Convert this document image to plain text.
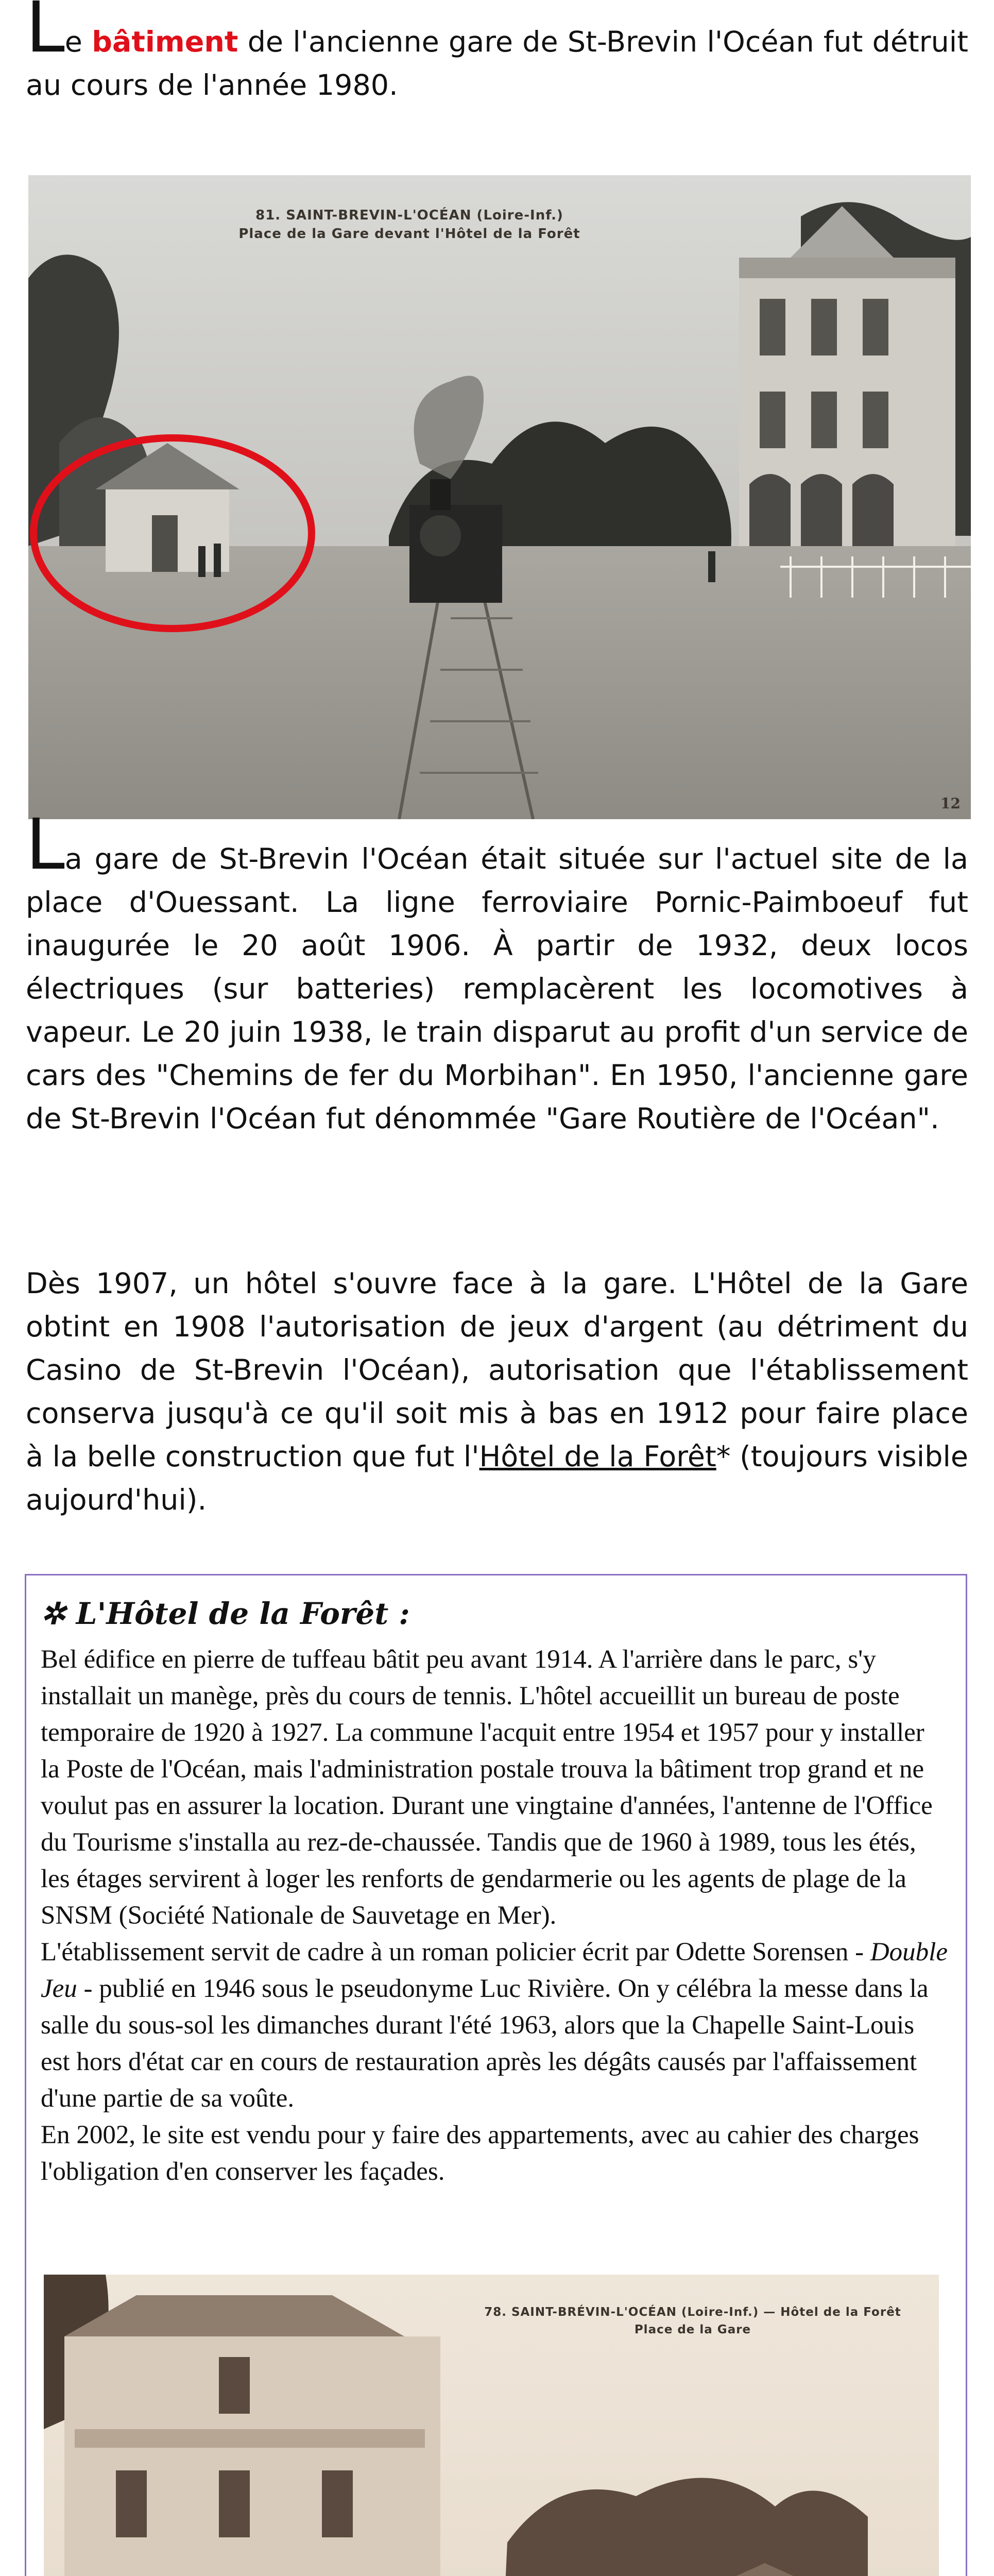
Le bâtiment de l'ancienne gare de St-Brevin l'Océan fut détruit au cours de l'année 1980.
81. SAINT-BREVIN-L'OCÉAN (Loire-Inf.)
Place de la Gare devant l'Hôtel de la Forêt
12
La gare de St-Brevin l'Océan était située sur l'actuel site de la place d'Ouessant. La ligne ferroviaire Pornic-Paimboeuf fut inaugurée le 20 août 1906. À partir de 1932, deux locos électriques (sur batteries) remplacèrent les locomotives à vapeur. Le 20 juin 1938, le train disparut au profit d'un service de cars des "Chemins de fer du Morbihan". En 1950, l'ancienne gare de St-Brevin l'Océan fut dénommée "Gare Routière de l'Océan".
Dès 1907, un hôtel s'ouvre face à la gare. L'Hôtel de la Gare obtint en 1908 l'autorisation de jeux d'argent (au détriment du Casino de St-Brevin l'Océan), autorisation que l'établissement conserva jusqu'à ce qu'il soit mis à bas en 1912 pour faire place à la belle construction que fut l'Hôtel de la Forêt* (toujours visible aujourd'hui).
✲ L'Hôtel de la Forêt :

Bel édifice en pierre de tuffeau bâtit peu avant 1914. A l'arrière dans le parc, s'y installait un manège, près du cours de tennis. L'hôtel accueillit un bureau de poste temporaire de 1920 à 1927. La commune l'acquit entre 1954 et 1957 pour y installer la Poste de l'Océan, mais l'administration postale trouva la bâtiment trop grand et ne voulut pas en assurer la location. Durant une vingtaine d'années, l'antenne de l'Office du Tourisme s'installa au rez-de-chaussée. Tandis que de 1960 à 1989, tous les étés, les étages servirent à loger les renforts de gendarmerie ou les agents de plage de la SNSM (Société Nationale de Sauvetage en Mer).

L'établissement servit de cadre à un roman policier écrit par Odette Sorensen - Double Jeu - publié en 1946 sous le pseudonyme Luc Rivière. On y célébra la messe dans la salle du sous-sol les dimanches durant l'été 1963, alors que la Chapelle Saint-Louis est hors d'état car en cours de restauration après les dégâts causés par l'affaissement d'une partie de sa voûte.

En 2002, le site est vendu pour y faire des appartements, avec au cahier des charges l'obligation d'en conserver les façades.

78. SAINT-BRÉVIN-L'OCÉAN (Loire-Inf.) — Hôtel de la Forêt
Place de la Gare
